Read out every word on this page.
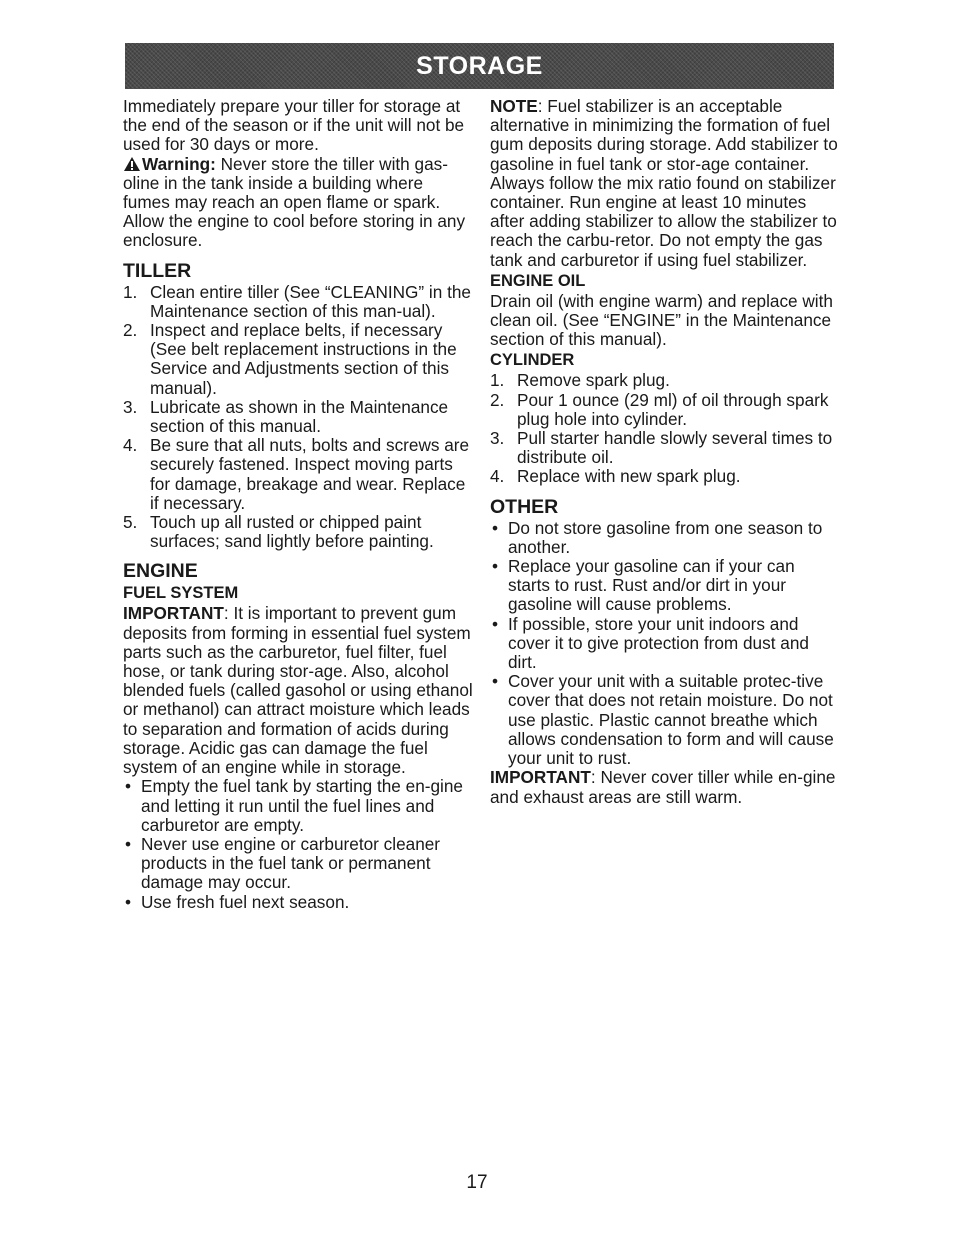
STORAGE

Immediately prepare your tiller for storage at the end of the season or if the unit will not be used for 30 days or more.

Warning: Never store the tiller with gas-oline in the tank inside a building where fumes may reach an open flame or spark. Allow the engine to cool before storing in any enclosure.

TILLER
1. Clean entire tiller (See “CLEANING” in the Maintenance section of this man-ual).
2. Inspect and replace belts, if necessary (See belt replacement instructions in the Service and Adjustments section of this manual).
3. Lubricate as shown in the Maintenance section of this manual.
4. Be sure that all nuts, bolts and screws are securely fastened. Inspect moving parts for damage, breakage and wear. Replace if necessary.
5. Touch up all rusted or chipped paint surfaces; sand lightly before painting.
ENGINE
FUEL SYSTEM

IMPORTANT: It is important to prevent gum deposits from forming in essential fuel system parts such as the carburetor, fuel filter, fuel hose, or tank during stor-age. Also, alcohol blended fuels (called gasohol or using ethanol or methanol) can attract moisture which leads to separation and formation of acids during storage. Acidic gas can damage the fuel system of an engine while in storage.

• Empty the fuel tank by starting the en-gine and letting it run until the fuel lines and carburetor are empty.
• Never use engine or carburetor cleaner products in the fuel tank or permanent damage may occur.
• Use fresh fuel next season.

NOTE: Fuel stabilizer is an acceptable alternative in minimizing the formation of fuel gum deposits during storage. Add stabilizer to gasoline in fuel tank or stor-age container. Always follow the mix ratio found on stabilizer container. Run engine at least 10 minutes after adding stabilizer to allow the stabilizer to reach the carbu-retor. Do not empty the gas tank and carburetor if using fuel stabilizer.

ENGINE OIL

Drain oil (with engine warm) and replace with clean oil. (See “ENGINE” in the Maintenance section of this manual).

CYLINDER
1. Remove spark plug.
2. Pour 1 ounce (29 ml) of oil through spark plug hole into cylinder.
3. Pull starter handle slowly several times to distribute oil.
4. Replace with new spark plug.
OTHER
• Do not store gasoline from one season to another.
• Replace your gasoline can if your can starts to rust. Rust and/or dirt in your gasoline will cause problems.
• If possible, store your unit indoors and cover it to give protection from dust and dirt.
• Cover your unit with a suitable protec-tive cover that does not retain moisture. Do not use plastic. Plastic cannot breathe which allows condensation to form and will cause your unit to rust.

IMPORTANT: Never cover tiller while en-gine and exhaust areas are still warm.

17
